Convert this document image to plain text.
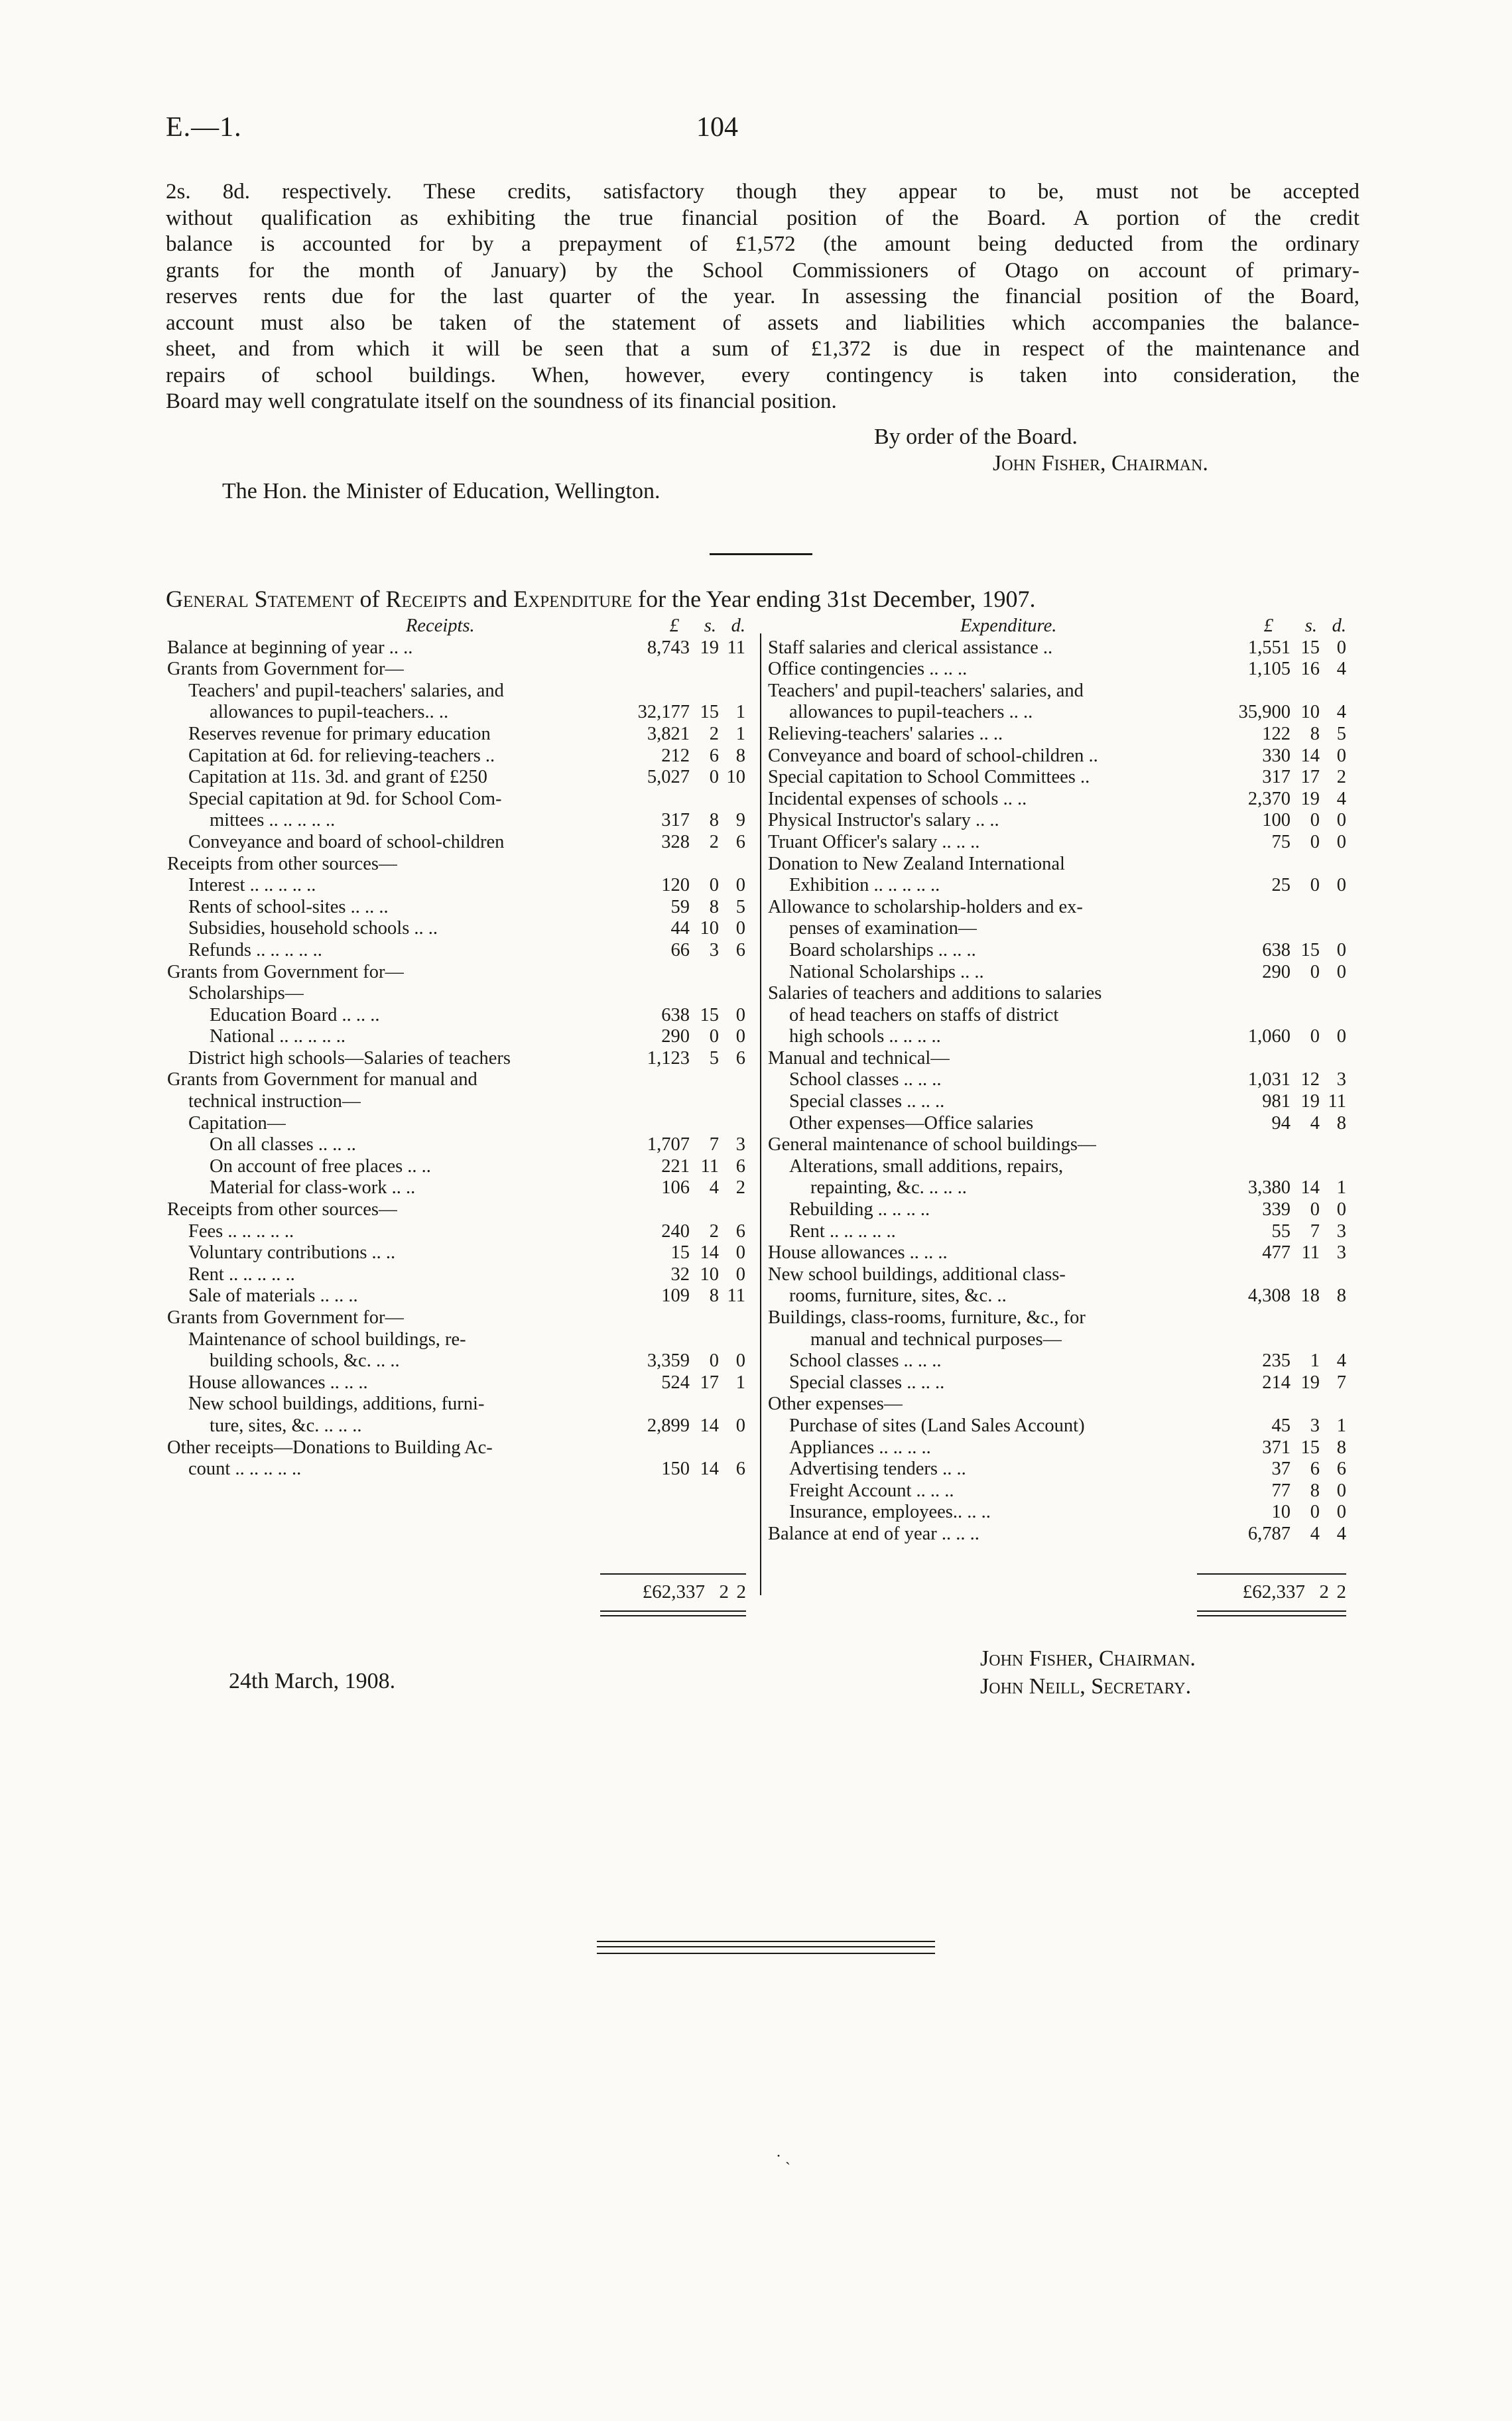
E.—1.	104
2s. 8d. respectively. These credits, satisfactory though they appear to be, must not be accepted
without qualification as exhibiting the true financial position of the Board. A portion of the credit
balance is accounted for by a prepayment of £1,572 (the amount being deducted from the ordinary
grants for the month of January) by the School Commissioners of Otago on account of primary-
reserves rents due for the last quarter of the year. In assessing the financial position of the Board,
account must also be taken of the statement of assets and liabilities which accompanies the balance-
sheet, and from which it will be seen that a sum of £1,372 is due in respect of the maintenance and
repairs of school buildings. When, however, every contingency is taken into consideration, the
Board may well congratulate itself on the soundness of its financial position.
By order of the Board.
John Fisher, Chairman.
The Hon. the Minister of Education, Wellington.
General Statement of Receipts and Expenditure for the Year ending 31st December, 1907.
Receipts.	£ s. d.
Balance at beginning of year .. ..	8,743 19 11
Grants from Government for—
Teachers' and pupil-teachers' salaries, and
allowances to pupil-teachers.. ..	32,177 15 1
Reserves revenue for primary education	3,821 2 1
Capitation at 6d. for relieving-teachers ..	212 6 8
Capitation at 11s. 3d. and grant of £250	5,027 0 10
Special capitation at 9d. for School Com-
mittees .. .. .. .. ..	317 8 9
Conveyance and board of school-children	328 2 6
Receipts from other sources—
Interest .. .. .. .. ..	120 0 0
Rents of school-sites .. .. ..	59 8 5
Subsidies, household schools .. ..	44 10 0
Refunds .. .. .. .. ..	66 3 6
Grants from Government for—
Scholarships—
Education Board .. .. ..	638 15 0
National .. .. .. .. ..	290 0 0
District high schools—Salaries of teachers	1,123 5 6
Grants from Government for manual and
technical instruction—
Capitation—
On all classes .. .. ..	1,707 7 3
On account of free places .. ..	221 11 6
Material for class-work .. ..	106 4 2
Receipts from other sources—
Fees .. .. .. .. ..	240 2 6
Voluntary contributions .. ..	15 14 0
Rent .. .. .. .. ..	32 10 0
Sale of materials .. .. ..	109 8 11
Grants from Government for—
Maintenance of school buildings, re-
building schools, &c. .. ..	3,359 0 0
House allowances .. .. ..	524 17 1
New school buildings, additions, furni-
ture, sites, &c. .. .. ..	2,899 14 0
Other receipts—Donations to Building Ac-
count .. .. .. .. ..	150 14 6
Expenditure.	£ s. d.
Staff salaries and clerical assistance ..	1,551 15 0
Office contingencies .. .. ..	1,105 16 4
Teachers' and pupil-teachers' salaries, and
allowances to pupil-teachers .. ..	35,900 10 4
Relieving-teachers' salaries .. ..	122 8 5
Conveyance and board of school-children ..	330 14 0
Special capitation to School Committees ..	317 17 2
Incidental expenses of schools .. ..	2,370 19 4
Physical Instructor's salary .. ..	100 0 0
Truant Officer's salary .. .. ..	75 0 0
Donation to New Zealand International
Exhibition .. .. .. .. ..	25 0 0
Allowance to scholarship-holders and ex-
penses of examination—
Board scholarships .. .. ..	638 15 0
National Scholarships .. ..	290 0 0
Salaries of teachers and additions to salaries
of head teachers on staffs of district
high schools .. .. .. ..	1,060 0 0
Manual and technical—
School classes .. .. ..	1,031 12 3
Special classes .. .. ..	981 19 11
Other expenses—Office salaries	94 4 8
General maintenance of school buildings—
Alterations, small additions, repairs,
repainting, &c. .. .. ..	3,380 14 1
Rebuilding .. .. .. ..	339 0 0
Rent .. .. .. .. ..	55 7 3
House allowances .. .. ..	477 11 3
New school buildings, additional class-
rooms, furniture, sites, &c. ..	4,308 18 8
Buildings, class-rooms, furniture, &c., for
manual and technical purposes—
School classes .. .. ..	235 1 4
Special classes .. .. ..	214 19 7
Other expenses—
Purchase of sites (Land Sales Account)	45 3 1
Appliances .. .. .. ..	371 15 8
Advertising tenders .. ..	37 6 6
Freight Account .. .. ..	77 8 0
Insurance, employees.. .. ..	10 0 0
Balance at end of year .. .. ..	6,787 4 4
£62,337 2 2	£62,337 2 2
24th March, 1908.
John Fisher, Chairman.
John Neill, Secretary.
· ˎ
